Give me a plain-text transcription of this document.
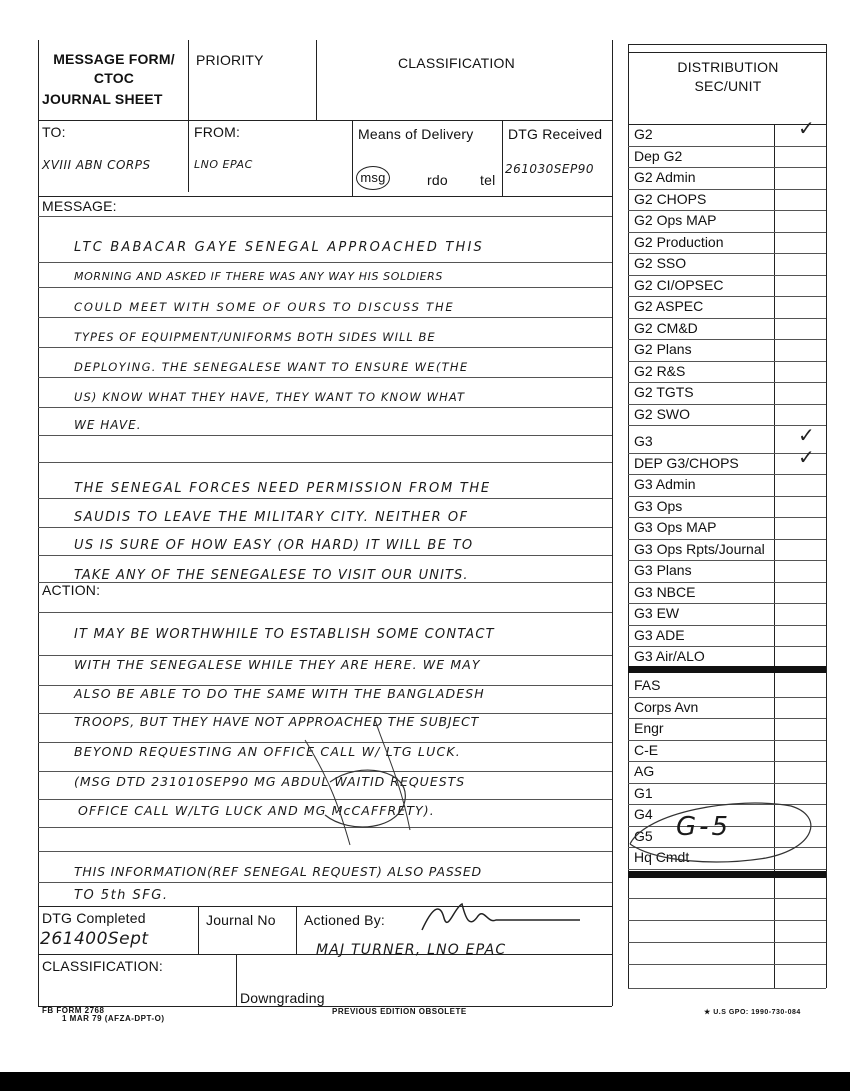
MESSAGE FORM/
CTOC
JOURNAL SHEET
PRIORITY	CLASSIFICATION
TO:
XVIII ABN CORPS
FROM:
LNO EPAC
Means of Delivery
msg	rdo tel
DTG Received
261030SEP90
MESSAGE:
LTC BABACAR GAYE SENEGAL APPROACHED THIS
MORNING AND ASKED IF THERE WAS ANY WAY HIS SOLDIERS
COULD MEET WITH SOME OF OURS TO DISCUSS THE
TYPES OF EQUIPMENT/UNIFORMS BOTH SIDES WILL BE
DEPLOYING. THE SENEGALESE WANT TO ENSURE WE(THE
US) KNOW WHAT THEY HAVE, THEY WANT TO KNOW WHAT
WE HAVE.
THE SENEGAL FORCES NEED PERMISSION FROM THE
SAUDIS TO LEAVE THE MILITARY CITY. NEITHER OF
US IS SURE OF HOW EASY (OR HARD) IT WILL BE TO
TAKE ANY OF THE SENEGALESE TO VISIT OUR UNITS.
ACTION:
IT MAY BE WORTHWHILE TO ESTABLISH SOME CONTACT
WITH THE SENEGALESE WHILE THEY ARE HERE. WE MAY
ALSO BE ABLE TO DO THE SAME WITH THE BANGLADESH
TROOPS, BUT THEY HAVE NOT APPROACHED THE SUBJECT
BEYOND REQUESTING AN OFFICE CALL W/ LTG LUCK.
(MSG DTD 231010SEP90 MG ABDUL WAITID REQUESTS
OFFICE CALL W/LTG LUCK AND MG McCAFFRETY).
THIS INFORMATION(REF SENEGAL REQUEST) ALSO PASSED
TO 5th SFG.
DTG Completed
261400Sept
Journal No Actioned By:
MAJ TURNER, LNO EPAC
CLASSIFICATION:
Downgrading
DISTRIBUTION
SEC/UNIT
G2	✓
Dep G2
G2 Admin
G2 CHOPS
G2 Ops MAP
G2 Production
G2 SSO
G2 CI/OPSEC
G2 ASPEC
G2 CM&D
G2 Plans
G2 R&S
G2 TGTS
G2 SWO
G3	✓
DEP G3/CHOPS	✓
G3 Admin
G3 Ops
G3 Ops MAP
G3 Ops Rpts/Journal
G3 Plans
G3 NBCE
G3 EW
G3 ADE
G3 Air/ALO
FAS
Corps Avn
Engr
C-E
AG
G1
G4
G5
Hq Cmdt
G-5
FB FORM 2768
1 MAR 79 (AFZA-DPT-O)
PREVIOUS EDITION OBSOLETE	★ U.S GPO: 1990-730-084
